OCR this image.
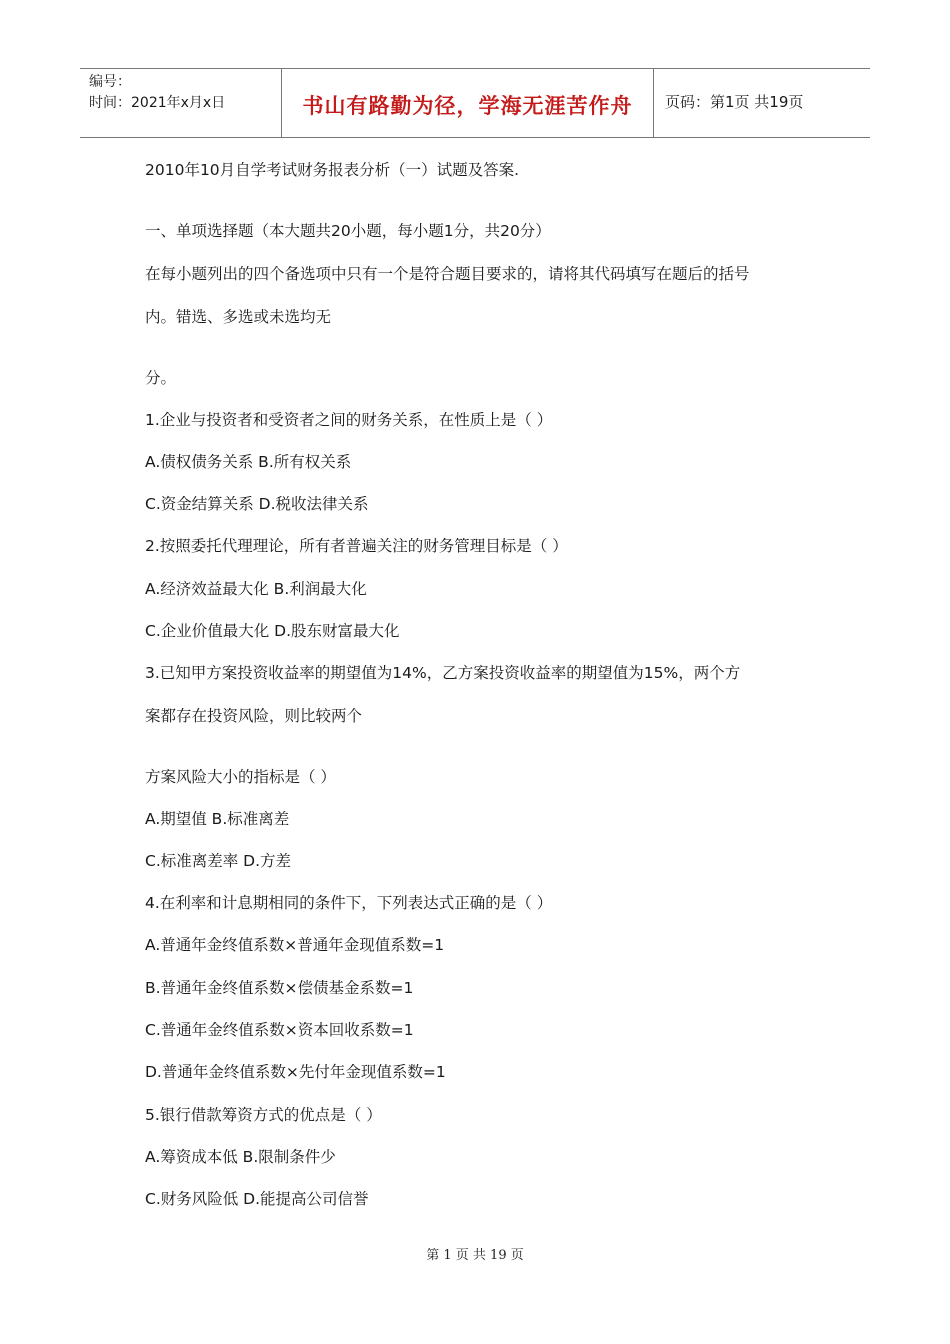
编号：
时间：2021年x月x日	书山有路勤为径，学海无涯苦作舟	页码：第1页 共19页
2010年10月自学考试财务报表分析（一）试题及答案.
一、单项选择题（本大题共20小题，每小题1分，共20分）
在每小题列出的四个备选项中只有一个是符合题目要求的，请将其代码填写在题后的括号
内。错选、多选或未选均无
分。
1.企业与投资者和受资者之间的财务关系，在性质上是（ ）
A.债权债务关系 B.所有权关系
C.资金结算关系 D.税收法律关系
2.按照委托代理理论，所有者普遍关注的财务管理目标是（ ）
A.经济效益最大化 B.利润最大化
C.企业价值最大化 D.股东财富最大化
3.已知甲方案投资收益率的期望值为14%，乙方案投资收益率的期望值为15%，两个方
案都存在投资风险，则比较两个
方案风险大小的指标是（ ）
A.期望值 B.标准离差
C.标准离差率 D.方差
4.在利率和计息期相同的条件下，下列表达式正确的是（ ）
A.普通年金终值系数×普通年金现值系数=1
B.普通年金终值系数×偿债基金系数=1
C.普通年金终值系数×资本回收系数=1
D.普通年金终值系数×先付年金现值系数=1
5.银行借款筹资方式的优点是（ ）
A.筹资成本低 B.限制条件少
C.财务风险低 D.能提高公司信誉
第 1 页 共 19 页
